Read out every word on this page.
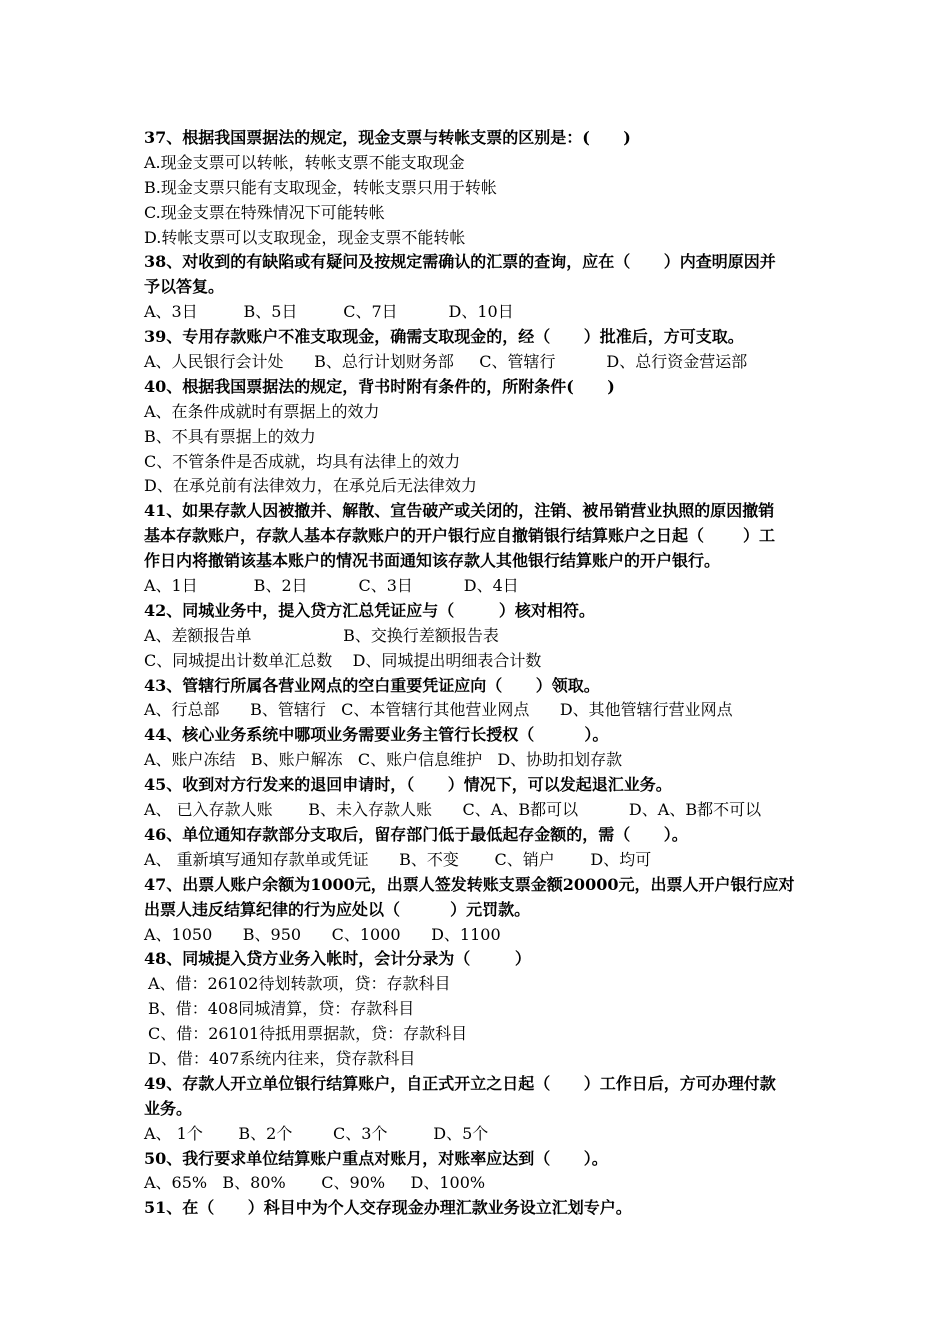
37、根据我国票据法的规定，现金支票与转帐支票的区别是：(      )
A.现金支票可以转帐，转帐支票不能支取现金
B.现金支票只能有支取现金，转帐支票只用于转帐
C.现金支票在特殊情况下可能转帐
D.转帐支票可以支取现金，现金支票不能转帐
38、对收到的有缺陷或有疑问及按规定需确认的汇票的查询，应在（      ）内查明原因并
予以答复。
A、3日         B、5日         C、7日          D、10日
39、专用存款账户不准支取现金，确需支取现金的，经（      ）批准后，方可支取。
A、人民银行会计处      B、总行计划财务部     C、管辖行          D、总行资金营运部
40、根据我国票据法的规定，背书时附有条件的，所附条件(      )
A、在条件成就时有票据上的效力
B、不具有票据上的效力
C、不管条件是否成就，均具有法律上的效力
D、在承兑前有法律效力，在承兑后无法律效力
41、如果存款人因被撤并、解散、宣告破产或关闭的，注销、被吊销营业执照的原因撤销
基本存款账户，存款人基本存款账户的开户银行应自撤销银行结算账户之日起（       ）工
作日内将撤销该基本账户的情况书面通知该存款人其他银行结算账户的开户银行。
A、1日           B、2日          C、3日          D、4日
42、同城业务中，提入贷方汇总凭证应与（        ）核对相符。
A、差额报告单                  B、交换行差额报告表
C、同城提出计数单汇总数    D、同城提出明细表合计数
43、管辖行所属各营业网点的空白重要凭证应向（      ）领取。
A、行总部      B、管辖行   C、本管辖行其他营业网点      D、其他管辖行营业网点
44、核心业务系统中哪项业务需要业务主管行长授权（         ）。
A、账户冻结   B、账户解冻   C、账户信息维护   D、协助扣划存款
45、收到对方行发来的退回申请时，（      ）情况下，可以发起退汇业务。
A、 已入存款人账       B、未入存款人账      C、A、B都可以          D、A、B都不可以
46、单位通知存款部分支取后，留存部门低于最低起存金额的，需（      ）。
A、 重新填写通知存款单或凭证      B、不变       C、销户       D、均可
47、出票人账户余额为1000元，出票人签发转账支票金额20000元，出票人开户银行应对
出票人违反结算纪律的行为应处以（         ）元罚款。
A、1050      B、950      C、1000      D、1100
48、同城提入贷方业务入帐时，会计分录为（        ）
A、借：26102待划转款项，贷：存款科目
B、借：408同城清算，贷：存款科目
C、借：26101待抵用票据款，贷：存款科目
D、借：407系统内往来，贷存款科目
49、存款人开立单位银行结算账户，自正式开立之日起（      ）工作日后，方可办理付款
业务。
A、 1个       B、2个        C、3个         D、5个
50、我行要求单位结算账户重点对账月，对账率应达到（      ）。
A、65%   B、80%       C、90%     D、100%
51、在（      ）科目中为个人交存现金办理汇款业务设立汇划专户。
